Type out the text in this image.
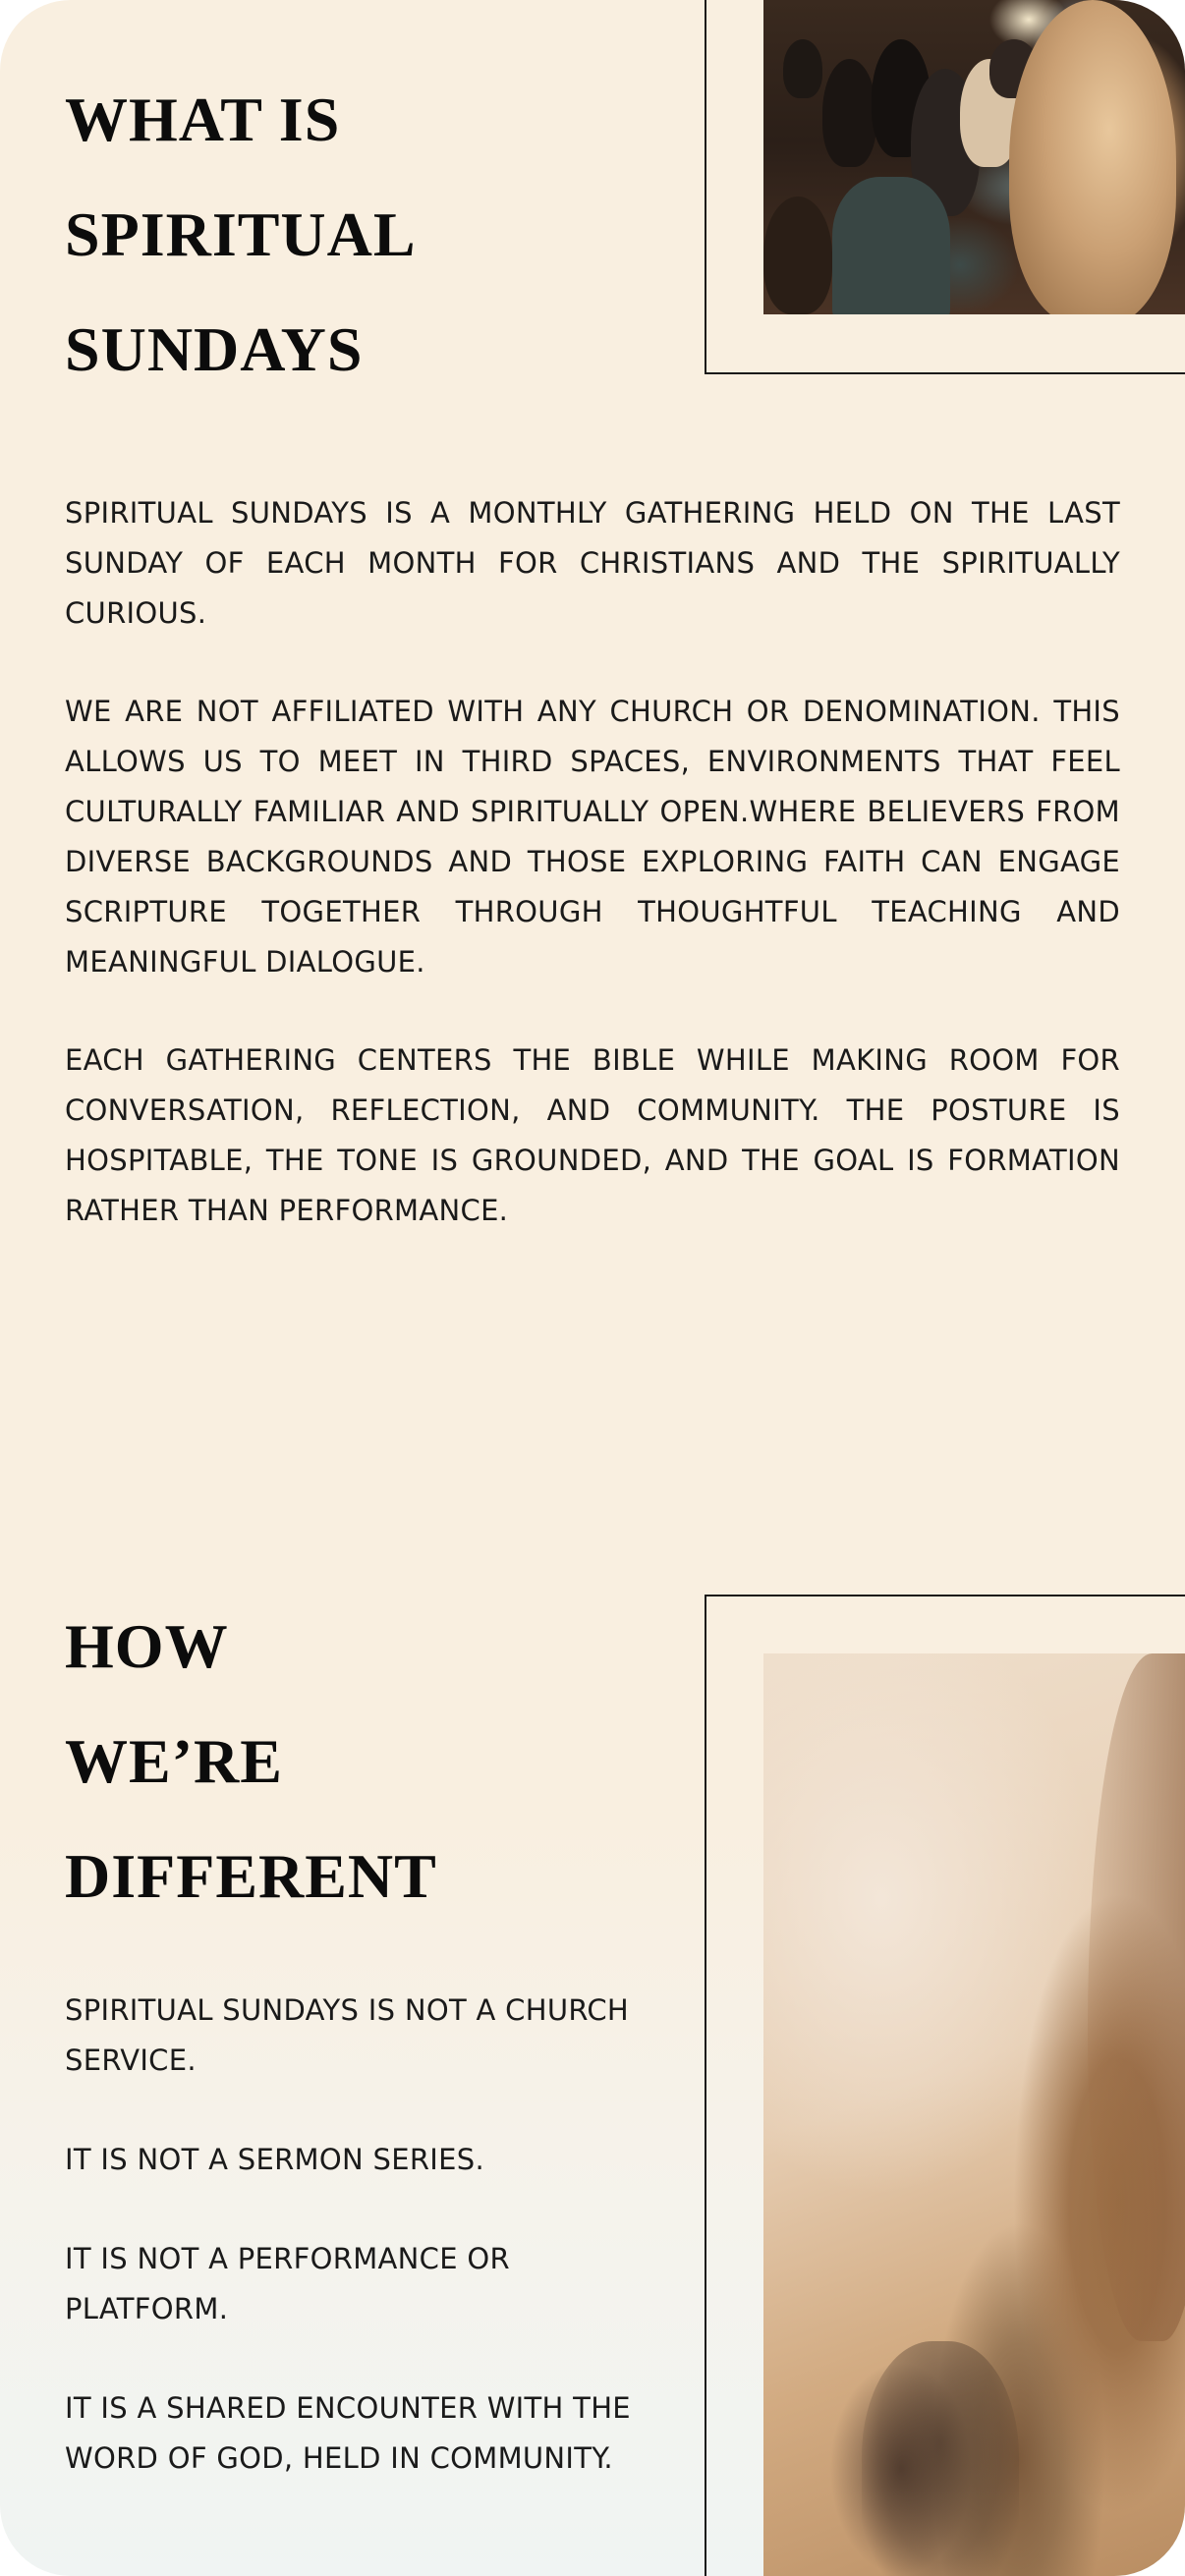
WHAT IS
SPIRITUAL
SUNDAYS

SPIRITUAL SUNDAYS IS A MONTHLY GATHERING HELD ON THE LAST SUNDAY OF EACH MONTH FOR CHRISTIANS AND THE SPIRITUALLY CURIOUS.

WE ARE NOT AFFILIATED WITH ANY CHURCH OR DENOMINATION. THIS ALLOWS US TO MEET IN THIRD SPACES, ENVIRONMENTS THAT FEEL CULTURALLY FAMILIAR AND SPIRITUALLY OPEN.WHERE BELIEVERS FROM DIVERSE BACKGROUNDS AND THOSE EXPLORING FAITH CAN ENGAGE SCRIPTURE TOGETHER THROUGH THOUGHTFUL TEACHING AND MEANINGFUL DIALOGUE.

EACH GATHERING CENTERS THE BIBLE WHILE MAKING ROOM FOR CONVERSATION, REFLECTION, AND COMMUNITY. THE POSTURE IS HOSPITABLE, THE TONE IS GROUNDED, AND THE GOAL IS FORMATION RATHER THAN PERFORMANCE.

HOW
WE’RE
DIFFERENT

SPIRITUAL SUNDAYS IS NOT A CHURCH SERVICE.

IT IS NOT A SERMON SERIES.

IT IS NOT A PERFORMANCE OR PLATFORM.

IT IS A SHARED ENCOUNTER WITH THE WORD OF GOD, HELD IN COMMUNITY.
